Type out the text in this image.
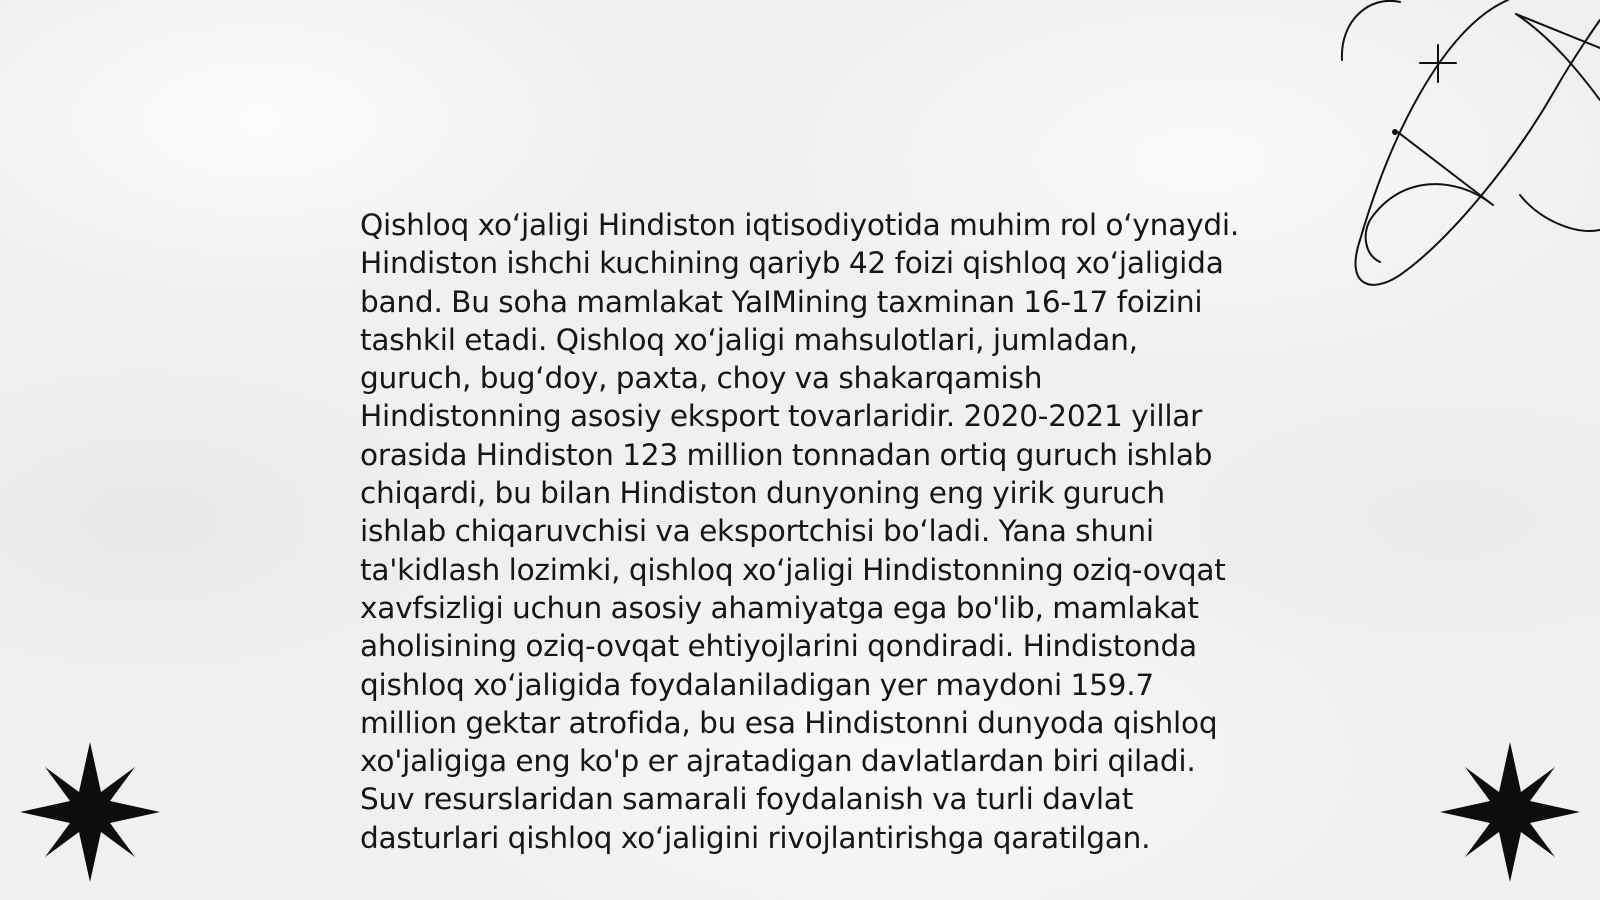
Qishloq xoʻjaligi Hindiston iqtisodiyotida muhim rol oʻynaydi. Hindiston ishchi kuchining qariyb 42 foizi qishloq xoʻjaligida band. Bu soha mamlakat YaIMining taxminan 16-17 foizini tashkil etadi. Qishloq xoʻjaligi mahsulotlari, jumladan, guruch, bugʻdoy, paxta, choy va shakarqamish Hindistonning asosiy eksport tovarlaridir. 2020-2021 yillar orasida Hindiston 123 million tonnadan ortiq guruch ishlab chiqardi, bu bilan Hindiston dunyoning eng yirik guruch ishlab chiqaruvchisi va eksportchisi boʻladi. Yana shuni ta'kidlash lozimki, qishloq xoʻjaligi Hindistonning oziq-ovqat xavfsizligi uchun asosiy ahamiyatga ega bo'lib, mamlakat aholisining oziq-ovqat ehtiyojlarini qondiradi. Hindistonda qishloq xoʻjaligida foydalaniladigan yer maydoni 159.7 million gektar atrofida, bu esa Hindistonni dunyoda qishloq xo'jaligiga eng ko'p er ajratadigan davlatlardan biri qiladi. Suv resurslaridan samarali foydalanish va turli davlat dasturlari qishloq xoʻjaligini rivojlantirishga qaratilgan.
